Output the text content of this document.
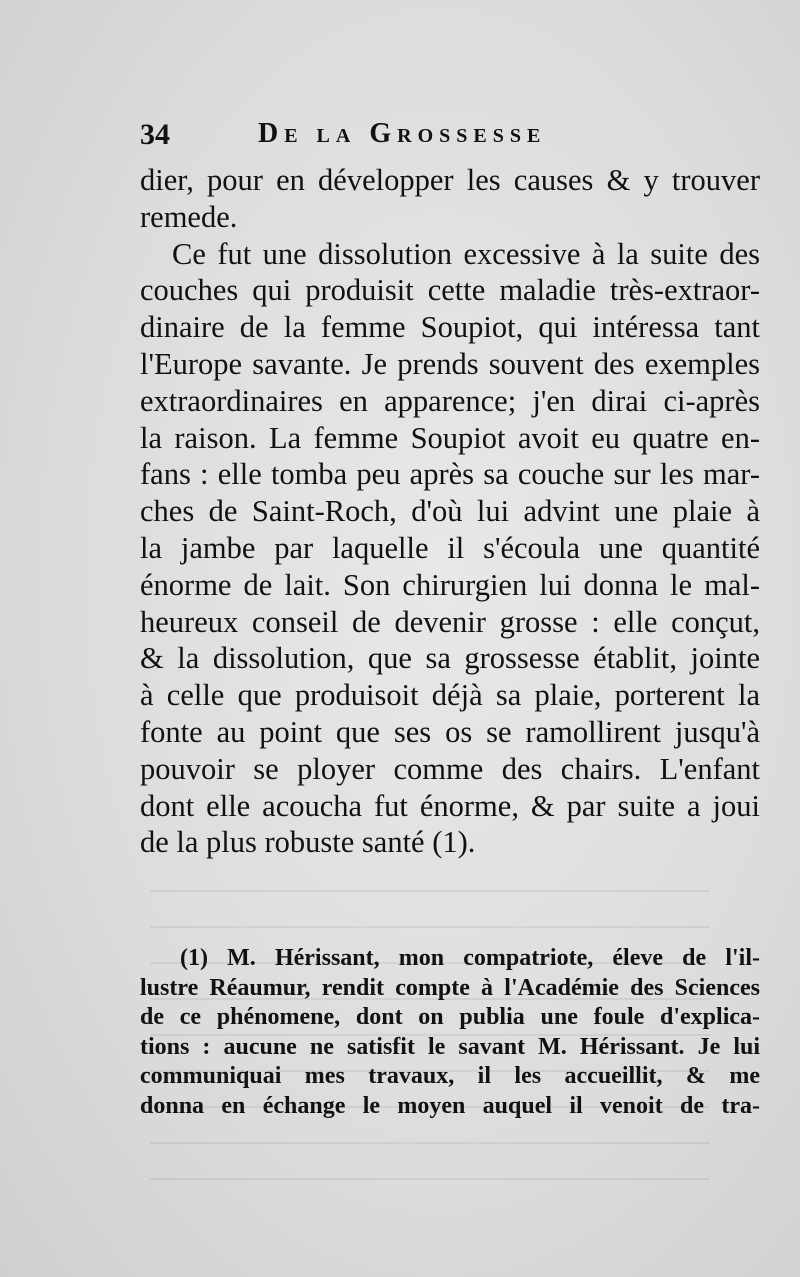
34	De la Grossesse
dier, pour en développer les causes & y trouver
remede.
Ce fut une dissolution excessive à la suite des
couches qui produisit cette maladie très-extraor-
dinaire de la femme Soupiot, qui intéressa tant
l'Europe savante. Je prends souvent des exemples
extraordinaires en apparence; j'en dirai ci-après
la raison. La femme Soupiot avoit eu quatre en-
fans : elle tomba peu après sa couche sur les mar-
ches de Saint-Roch, d'où lui advint une plaie à
la jambe par laquelle il s'écoula une quantité
énorme de lait. Son chirurgien lui donna le mal-
heureux conseil de devenir grosse : elle conçut,
& la dissolution, que sa grossesse établit, jointe
à celle que produisoit déjà sa plaie, porterent la
fonte au point que ses os se ramollirent jusqu'à
pouvoir se ployer comme des chairs. L'enfant
dont elle acoucha fut énorme, & par suite a joui
de la plus robuste santé (1).
(1) M. Hérissant, mon compatriote, éleve de l'il-
lustre Réaumur, rendit compte à l'Académie des Sciences
de ce phénomene, dont on publia une foule d'explica-
tions : aucune ne satisfit le savant M. Hérissant. Je lui
communiquai mes travaux, il les accueillit, & me
donna en échange le moyen auquel il venoit de tra-
